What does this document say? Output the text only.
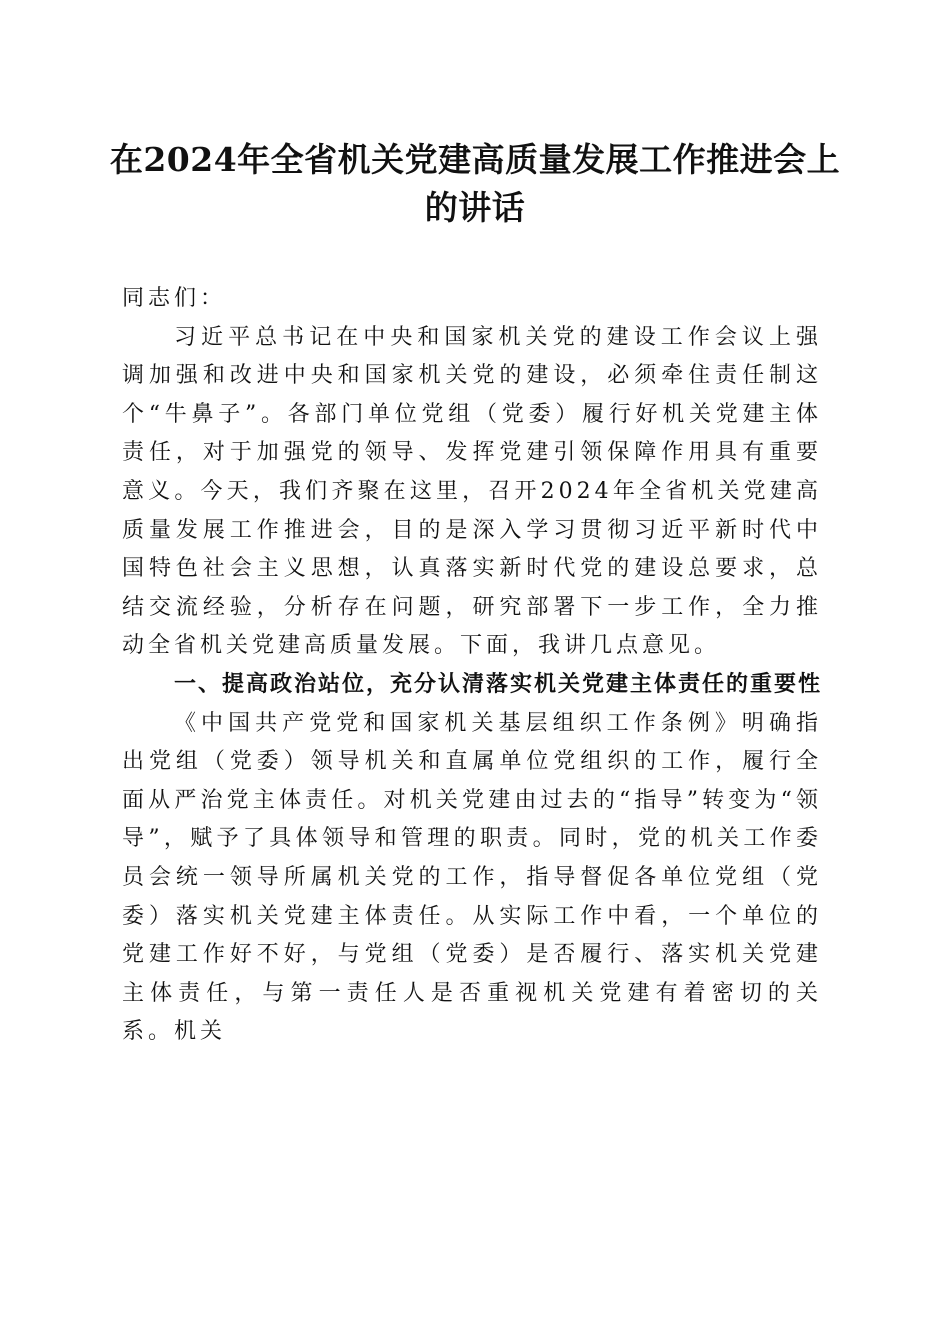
在2024年全省机关党建高质量发展工作推进会上的讲话

同志们：

习近平总书记在中央和国家机关党的建设工作会议上强调加强和改进中央和国家机关党的建设，必须牵住责任制这个“牛鼻子”。各部门单位党组（党委）履行好机关党建主体责任，对于加强党的领导、发挥党建引领保障作用具有重要意义。今天，我们齐聚在这里，召开2024年全省机关党建高质量发展工作推进会，目的是深入学习贯彻习近平新时代中国特色社会主义思想，认真落实新时代党的建设总要求，总结交流经验，分析存在问题，研究部署下一步工作，全力推动全省机关党建高质量发展。下面，我讲几点意见。

一、提高政治站位，充分认清落实机关党建主体责任的重要性

《中国共产党党和国家机关基层组织工作条例》明确指出党组（党委）领导机关和直属单位党组织的工作，履行全面从严治党主体责任。对机关党建由过去的“指导”转变为“领导”，赋予了具体领导和管理的职责。同时，党的机关工作委员会统一领导所属机关党的工作，指导督促各单位党组（党委）落实机关党建主体责任。从实际工作中看，一个单位的党建工作好不好，与党组（党委）是否履行、落实机关党建主体责任，与第一责任人是否重视机关党建有着密切的关系。机关
